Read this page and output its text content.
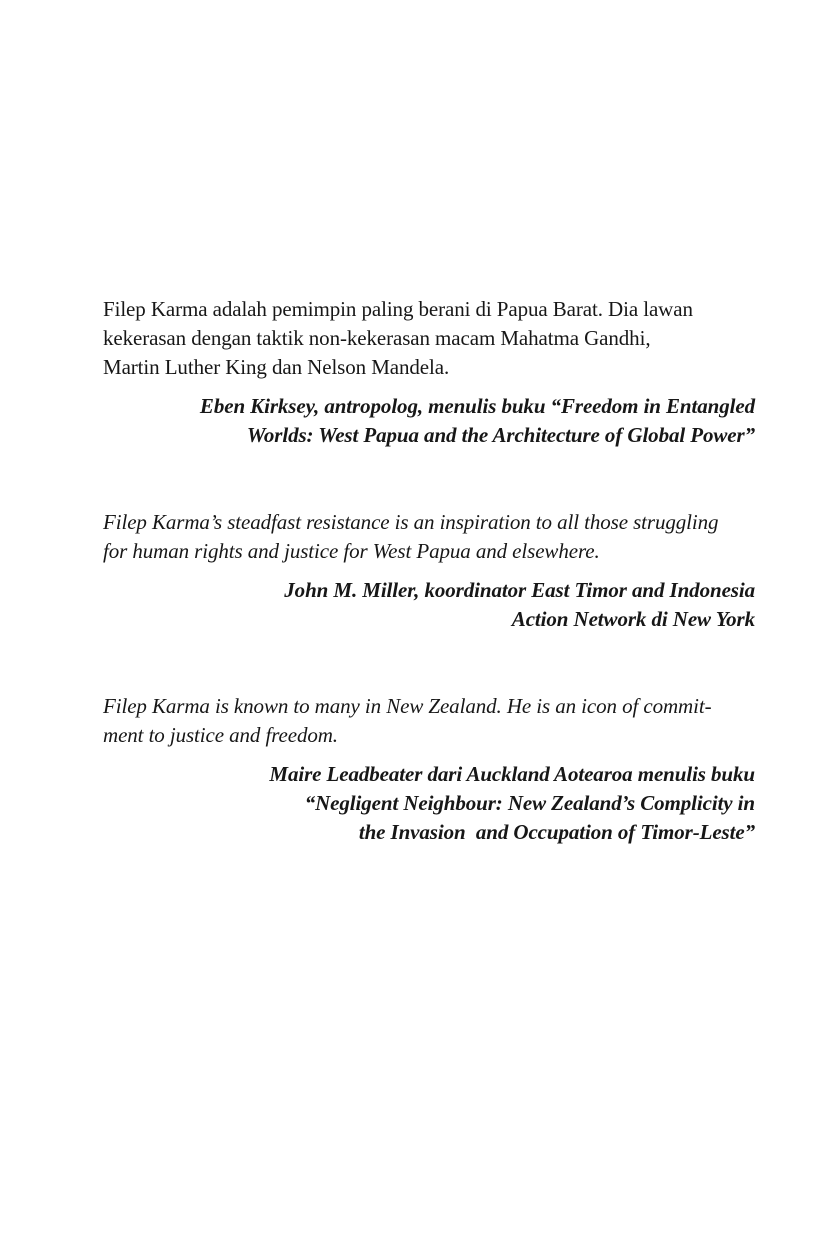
Filep Karma adalah pemimpin paling berani di Papua Barat. Dia lawan
kekerasan dengan taktik non-kekerasan macam Mahatma Gandhi,
Martin Luther King dan Nelson Mandela.
Eben Kirksey, antropolog, menulis buku “Freedom in Entangled
Worlds: West Papua and the Architecture of Global Power”
Filep Karma’s steadfast resistance is an inspiration to all those struggling
for human rights and justice for West Papua and elsewhere.
John M. Miller, koordinator East Timor and Indonesia
Action Network di New York
Filep Karma is known to many in New Zealand. He is an icon of commit-
ment to justice and freedom.
Maire Leadbeater dari Auckland Aotearoa menulis buku
“Negligent Neighbour: New Zealand’s Complicity in
the Invasion  and Occupation of Timor-Leste”
